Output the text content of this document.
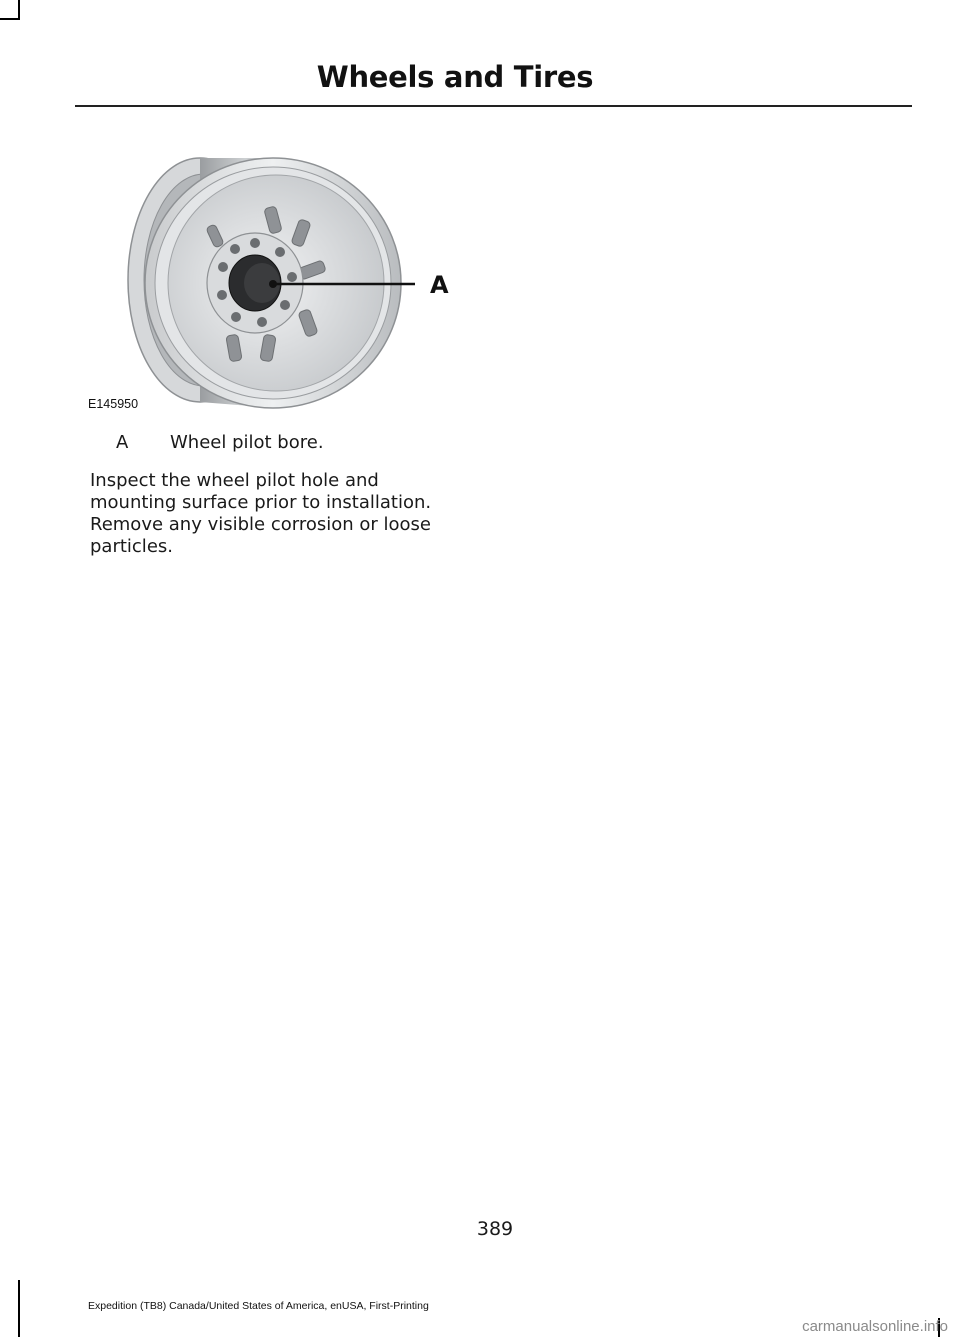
Wheels and Tires
A
E145950
A Wheel pilot bore.

Inspect the wheel pilot hole and mounting surface prior to installation. Remove any visible corrosion or loose particles.

389
Expedition (TB8) Canada/United States of America, enUSA, First-Printing
carmanualsonline.info
